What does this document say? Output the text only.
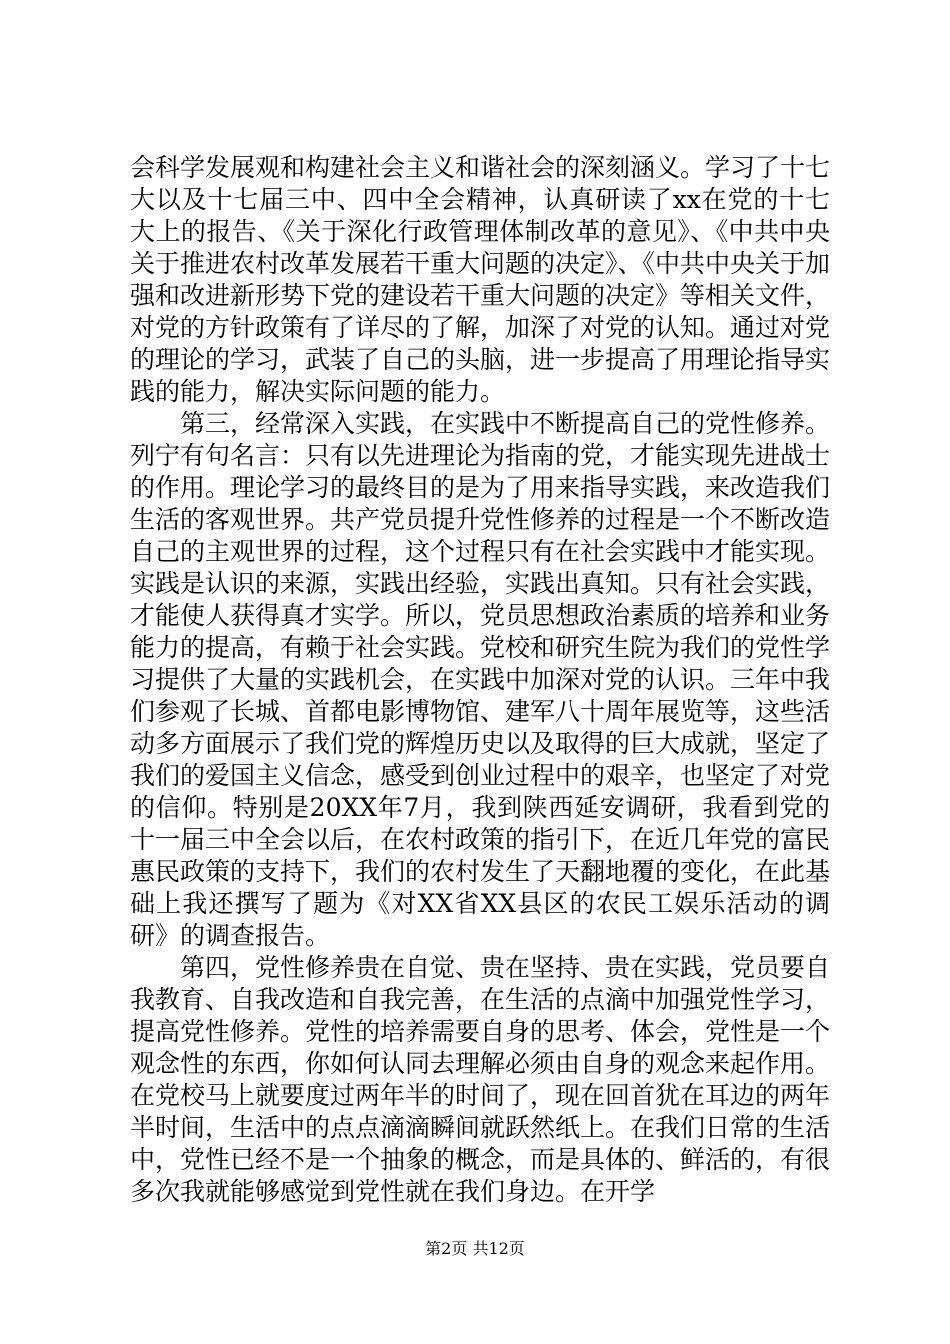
会科学发展观和构建社会主义和谐社会的深刻涵义。学习了十七大以及十七届三中、四中全会精神，认真研读了xx在党的十七大上的报告、《关于深化行政管理体制改革的意见》、《中共中央关于推进农村改革发展若干重大问题的决定》、《中共中央关于加强和改进新形势下党的建设若干重大问题的决定》等相关文件，对党的方针政策有了详尽的了解，加深了对党的认知。通过对党的理论的学习，武装了自己的头脑，进一步提高了用理论指导实践的能力，解决实际问题的能力。

第三，经常深入实践，在实践中不断提高自己的党性修养。列宁有句名言：只有以先进理论为指南的党，才能实现先进战士的作用。理论学习的最终目的是为了用来指导实践，来改造我们生活的客观世界。共产党员提升党性修养的过程是一个不断改造自己的主观世界的过程，这个过程只有在社会实践中才能实现。实践是认识的来源，实践出经验，实践出真知。只有社会实践，才能使人获得真才实学。所以，党员思想政治素质的培养和业务能力的提高，有赖于社会实践。党校和研究生院为我们的党性学习提供了大量的实践机会，在实践中加深对党的认识。三年中我们参观了长城、首都电影博物馆、建军八十周年展览等，这些活动多方面展示了我们党的辉煌历史以及取得的巨大成就，坚定了我们的爱国主义信念，感受到创业过程中的艰辛，也坚定了对党的信仰。特别是20XX年7月，我到陕西延安调研，我看到党的十一届三中全会以后，在农村政策的指引下，在近几年党的富民惠民政策的支持下，我们的农村发生了天翻地覆的变化，在此基础上我还撰写了题为《对XX省XX县区的农民工娱乐活动的调研》的调查报告。

第四，党性修养贵在自觉、贵在坚持、贵在实践，党员要自我教育、自我改造和自我完善，在生活的点滴中加强党性学习，提高党性修养。党性的培养需要自身的思考、体会，党性是一个观念性的东西，你如何认同去理解必须由自身的观念来起作用。在党校马上就要度过两年半的时间了，现在回首犹在耳边的两年半时间，生活中的点点滴滴瞬间就跃然纸上。在我们日常的生活中，党性已经不是一个抽象的概念，而是具体的、鲜活的，有很多次我就能够感觉到党性就在我们身边。在开学

第2页 共12页
